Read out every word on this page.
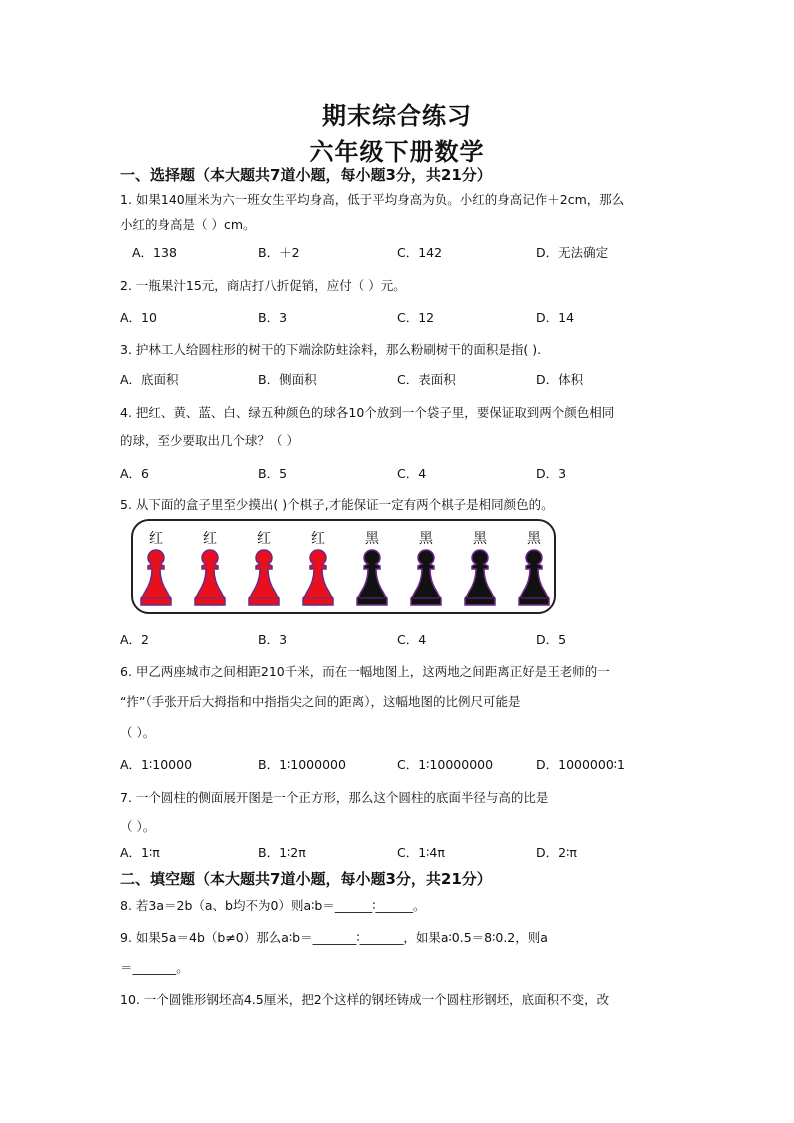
期末综合练习
六年级下册数学
一、选择题（本大题共7道小题，每小题3分，共21分）
1. 如果140厘米为六一班女生平均身高，低于平均身高为负。小红的身高记作＋2cm，那么
小红的身高是（ ）cm。
A．138	B．＋2	C．142	D．无法确定
2. 一瓶果汁15元，商店打八折促销，应付（ ）元。
A．10	B．3	C．12	D．14
3. 护林工人给圆柱形的树干的下端涂防蛀涂料，那么粉刷树干的面积是指( ).
A．底面积	B．侧面积	C．表面积	D．体积
4. 把红、黄、蓝、白、绿五种颜色的球各10个放到一个袋子里，要保证取到两个颜色相同
的球，至少要取出几个球？（ ）
A．6	B．5	C．4	D．3
5. 从下面的盒子里至少摸出( )个棋子,才能保证一定有两个棋子是相同颜色的。
红	红	红	红	黑	黑	黑	黑
A．2	B．3	C．4	D．5
6. 甲乙两座城市之间相距210千米，而在一幅地图上，这两地之间距离正好是王老师的一
“拃”（手张开后大拇指和中指指尖之间的距离），这幅地图的比例尺可能是
（ ）。
A．1∶10000	B．1∶1000000	C．1∶10000000	D．1000000∶1
7. 一个圆柱的侧面展开图是一个正方形，那么这个圆柱的底面半径与高的比是
（ ）。
A．1∶π	B．1∶2π	C．1∶4π	D．2∶π
二、填空题（本大题共7道小题，每小题3分，共21分）
8. 若3a＝2b（a、b均不为0）则a∶b＝______∶______。
9. 如果5a＝4b（b≠0）那么a∶b＝_______∶_______，如果a∶0.5＝8∶0.2，则a
＝_______。
10. 一个圆锥形钢坯高4.5厘米，把2个这样的钢坯铸成一个圆柱形钢坯，底面积不变，改
